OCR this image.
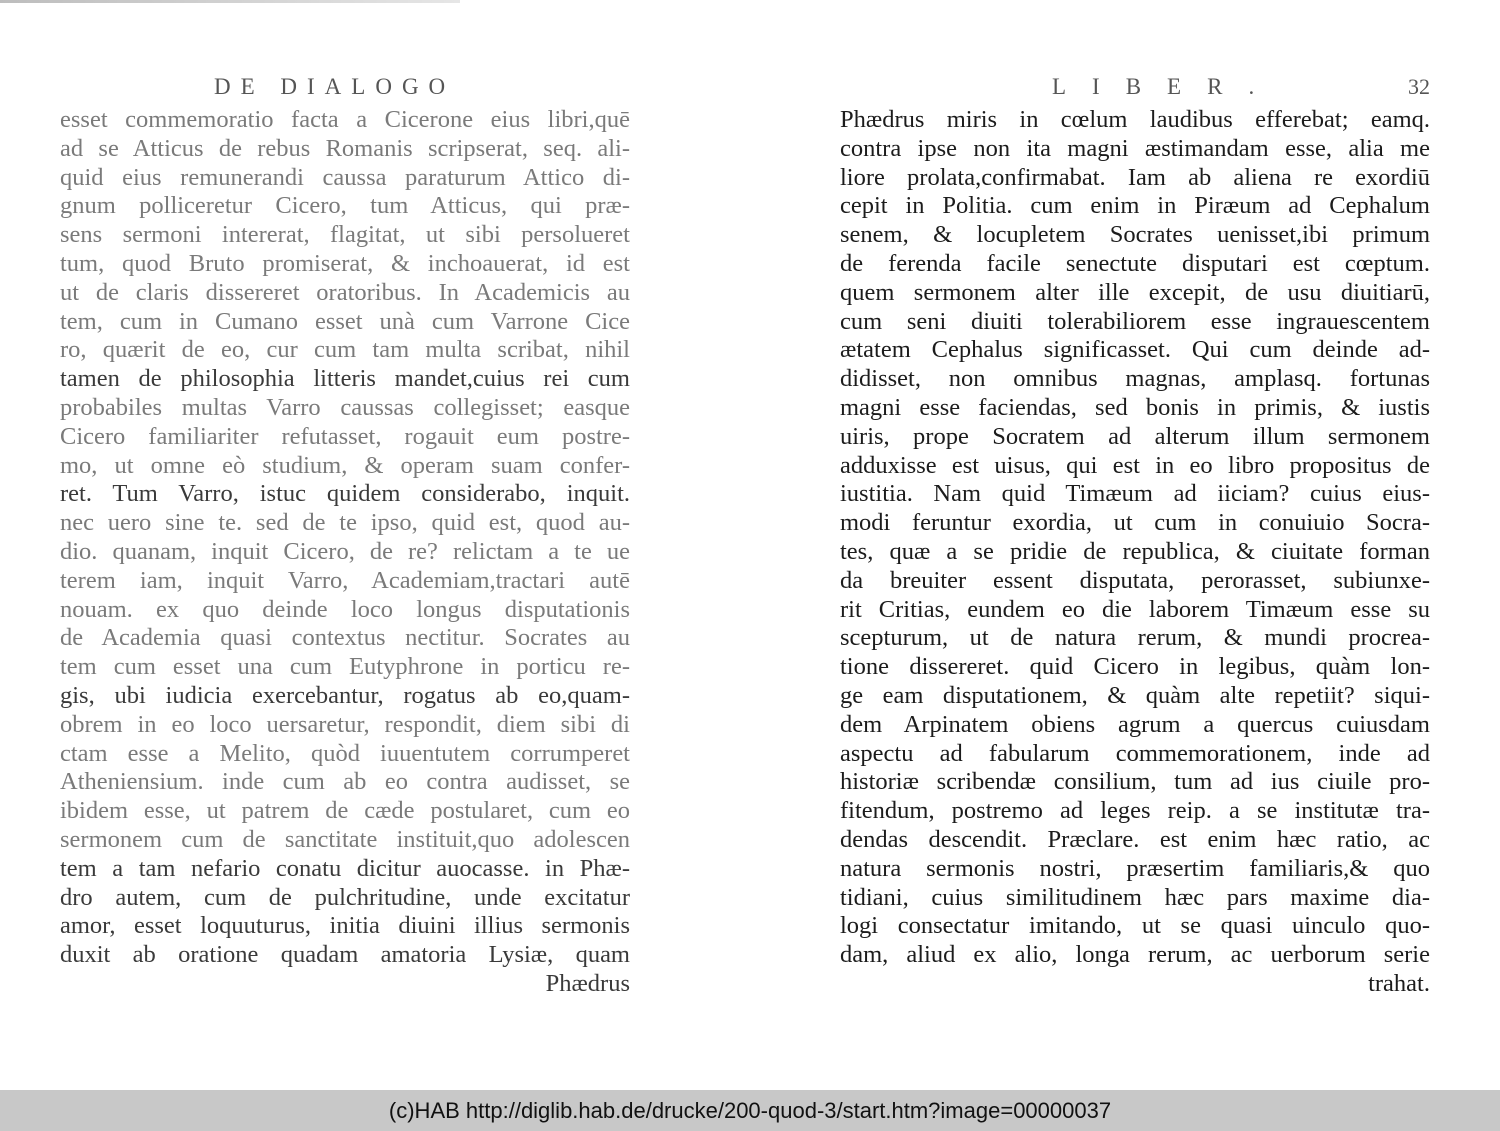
DE DIALOGO
esset commemoratio facta a Cicerone eius libri,quē
ad se Atticus de rebus Romanis scripserat, seq. ali-
quid eius remunerandi caussa paraturum Attico di-
gnum polliceretur Cicero, tum Atticus, qui præ-
sens sermoni intererat, flagitat, ut sibi persolueret
tum, quod Bruto promiserat, & inchoauerat, id est
ut de claris dissereret oratoribus. In Academicis au
tem, cum in Cumano esset unà cum Varrone Cice
ro, quærit de eo, cur cum tam multa scribat, nihil
tamen de philosophia litteris mandet,cuius rei cum
probabiles multas Varro caussas collegisset; easque
Cicero familiariter refutasset, rogauit eum postre-
mo, ut omne eò studium, & operam suam confer-
ret. Tum Varro, istuc quidem considerabo, inquit.
nec uero sine te. sed de te ipso, quid est, quod au-
dio. quanam, inquit Cicero, de re? relictam a te ue
terem iam, inquit Varro, Academiam,tractari autē
nouam. ex quo deinde loco longus disputationis
de Academia quasi contextus nectitur. Socrates au
tem cum esset una cum Eutyphrone in porticu re-
gis, ubi iudicia exercebantur, rogatus ab eo,quam-
obrem in eo loco uersaretur, respondit, diem sibi di
ctam esse a Melito, quòd iuuentutem corrumperet
Atheniensium. inde cum ab eo contra audisset, se
ibidem esse, ut patrem de cæde postularet, cum eo
sermonem cum de sanctitate instituit,quo adolescen
tem a tam nefario conatu dicitur auocasse. in Phæ-
dro autem, cum de pulchritudine, unde excitatur
amor, esset loquuturus, initia diuini illius sermonis
duxit ab oratione quadam amatoria Lysiæ, quam
Phædrus
LIBER.	32
Phædrus miris in cœlum laudibus efferebat; eamq.
contra ipse non ita magni æstimandam esse, alia me
liore prolata,confirmabat. Iam ab aliena re exordiū
cepit in Politia. cum enim in Piræum ad Cephalum
senem, & locupletem Socrates uenisset,ibi primum
de ferenda facile senectute disputari est cœptum.
quem sermonem alter ille excepit, de usu diuitiarū,
cum seni diuiti tolerabiliorem esse ingrauescentem
ætatem Cephalus significasset. Qui cum deinde ad-
didisset, non omnibus magnas, amplasq. fortunas
magni esse faciendas, sed bonis in primis, & iustis
uiris, prope Socratem ad alterum illum sermonem
adduxisse est uisus, qui est in eo libro propositus de
iustitia. Nam quid Timæum ad iiciam? cuius eius-
modi feruntur exordia, ut cum in conuiuio Socra-
tes, quæ a se pridie de republica, & ciuitate forman
da breuiter essent disputata, perorasset, subiunxe-
rit Critias, eundem eo die laborem Timæum esse su
scepturum, ut de natura rerum, & mundi procrea-
tione dissereret. quid Cicero in legibus, quàm lon-
ge eam disputationem, & quàm alte repetiit? siqui-
dem Arpinatem obiens agrum a quercus cuiusdam
aspectu ad fabularum commemorationem, inde ad
historiæ scribendæ consilium, tum ad ius ciuile pro-
fitendum, postremo ad leges reip. a se institutæ tra-
dendas descendit. Præclare. est enim hæc ratio, ac
natura sermonis nostri, præsertim familiaris,& quo
tidiani, cuius similitudinem hæc pars maxime dia-
logi consectatur imitando, ut se quasi uinculo quo-
dam, aliud ex alio, longa rerum, ac uerborum serie
trahat.
(c)HAB http://diglib.hab.de/drucke/200-quod-3/start.htm?image=00000037
